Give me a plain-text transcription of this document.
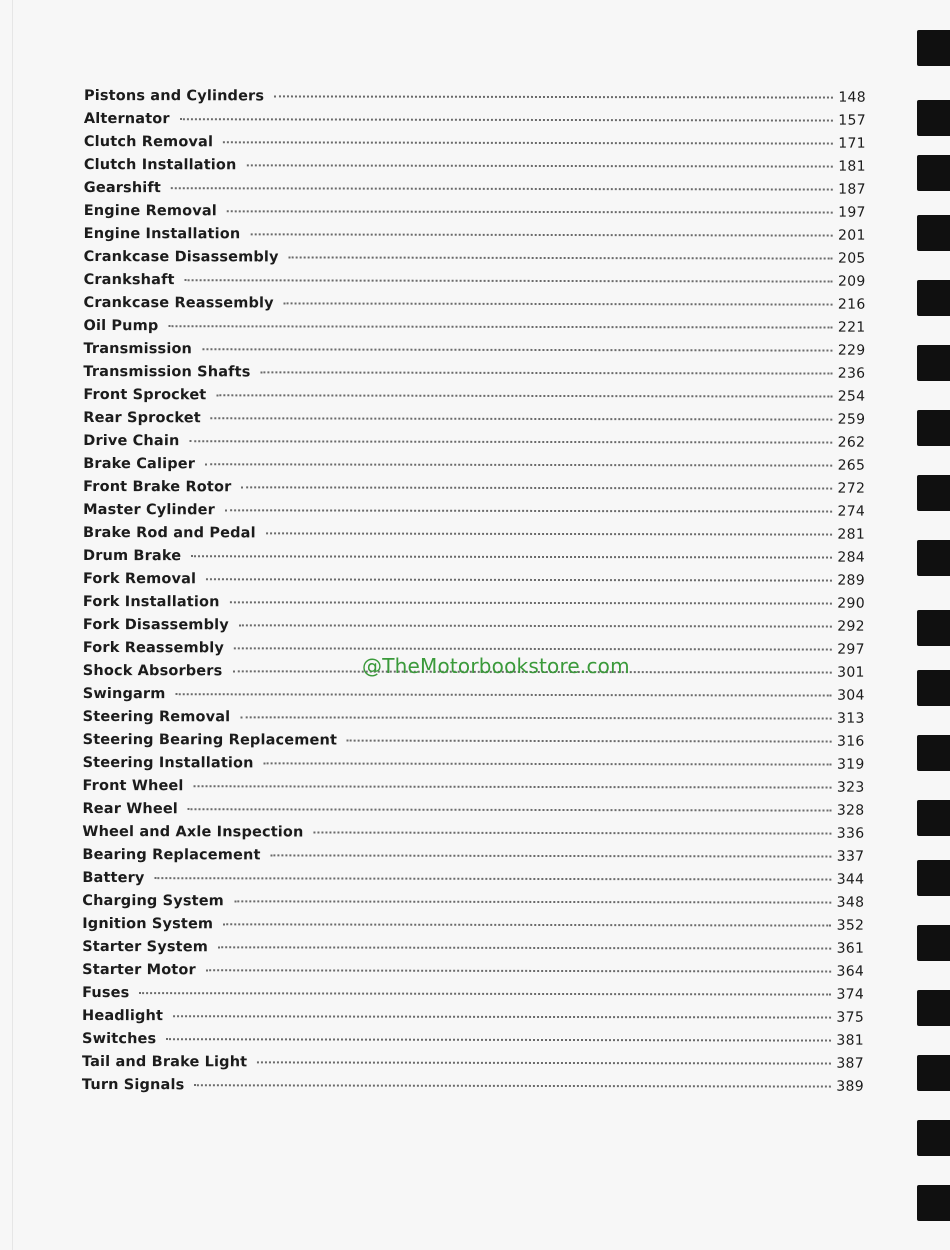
Pistons and Cylinders	148
Alternator	157
Clutch Removal	171
Clutch Installation	181
Gearshift	187
Engine Removal	197
Engine Installation	201
Crankcase Disassembly	205
Crankshaft	209
Crankcase Reassembly	216
Oil Pump	221
Transmission	229
Transmission Shafts	236
Front Sprocket	254
Rear Sprocket	259
Drive Chain	262
Brake Caliper	265
Front Brake Rotor	272
Master Cylinder	274
Brake Rod and Pedal	281
Drum Brake	284
Fork Removal	289
Fork Installation	290
Fork Disassembly	292
Fork Reassembly	297
Shock Absorbers	301
Swingarm	304
Steering Removal	313
Steering Bearing Replacement	316
Steering Installation	319
Front Wheel	323
Rear Wheel	328
Wheel and Axle Inspection	336
Bearing Replacement	337
Battery	344
Charging System	348
Ignition System	352
Starter System	361
Starter Motor	364
Fuses	374
Headlight	375
Switches	381
Tail and Brake Light	387
Turn Signals	389
@TheMotorbookstore.com
